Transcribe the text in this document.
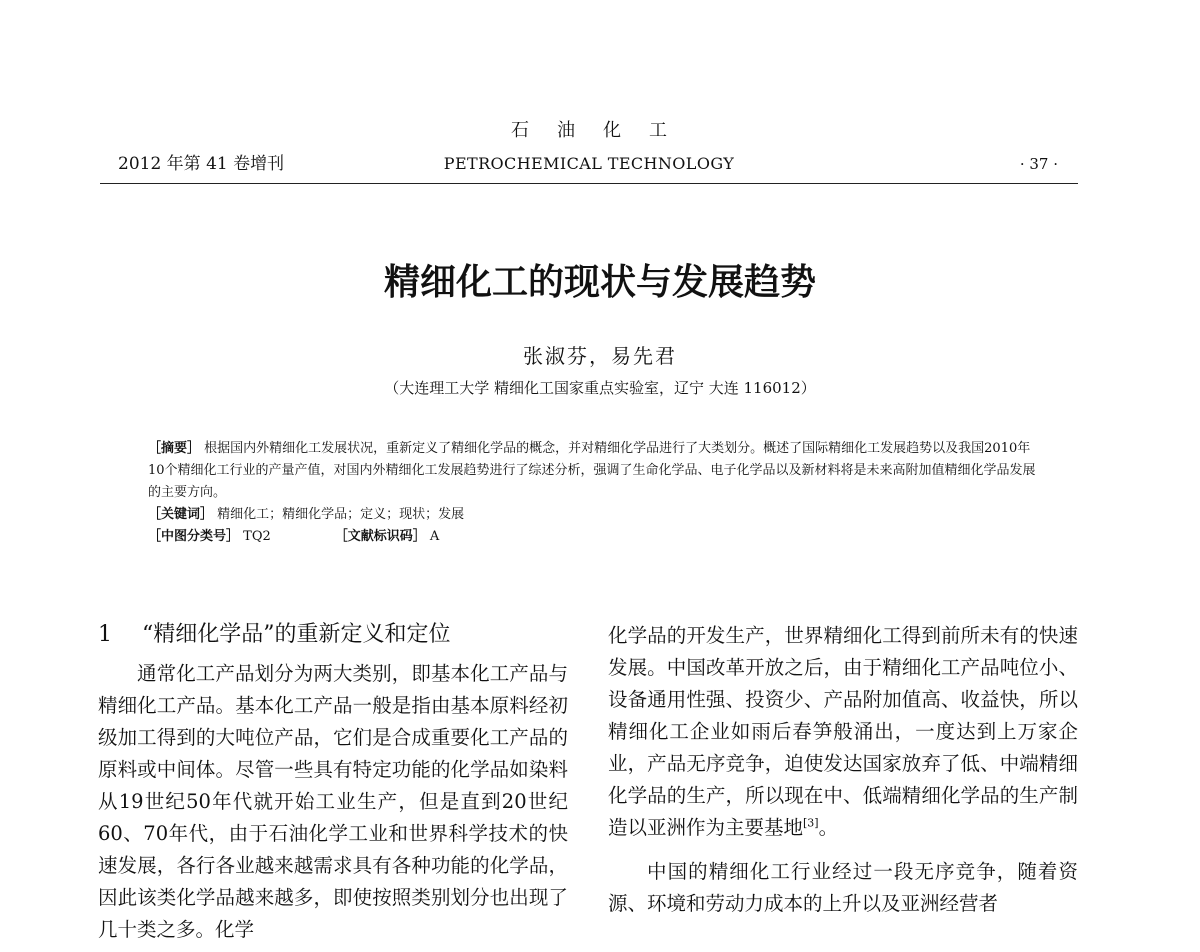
石油化工
2012 年第 41 卷增刊	PETROCHEMICAL TECHNOLOGY	· 37 ·
精细化工的现状与发展趋势
张淑芬，易先君
（大连理工大学 精细化工国家重点实验室，辽宁 大连 116012）

［摘要］ 根据国内外精细化工发展状况，重新定义了精细化学品的概念，并对精细化学品进行了大类划分。概述了国际精细化工发展趋势以及我国2010年10个精细化工行业的产量产值，对国内外精细化工发展趋势进行了综述分析，强调了生命化学品、电子化学品以及新材料将是未来高附加值精细化学品发展的主要方向。

［关键词］ 精细化工；精细化学品；定义；现状；发展

［中图分类号］ TQ2	［文献标识码］ A

1 “精细化学品”的重新定义和定位

通常化工产品划分为两大类别，即基本化工产品与精细化工产品。基本化工产品一般是指由基本原料经初级加工得到的大吨位产品，它们是合成重要化工产品的原料或中间体。尽管一些具有特定功能的化学品如染料从19世纪50年代就开始工业生产，但是直到20世纪60、70年代，由于石油化学工业和世界科学技术的快速发展，各行各业越来越需求具有各种功能的化学品，因此该类化学品越来越多，即使按照类别划分也出现了几十类之多。化学

化学品的开发生产，世界精细化工得到前所未有的快速发展。中国改革开放之后，由于精细化工产品吨位小、设备通用性强、投资少、产品附加值高、收益快，所以精细化工企业如雨后春笋般涌出，一度达到上万家企业，产品无序竞争，迫使发达国家放弃了低、中端精细化学品的生产，所以现在中、低端精细化学品的生产制造以亚洲作为主要基地[3]。

中国的精细化工行业经过一段无序竞争，随着资源、环境和劳动力成本的上升以及亚洲经营者
